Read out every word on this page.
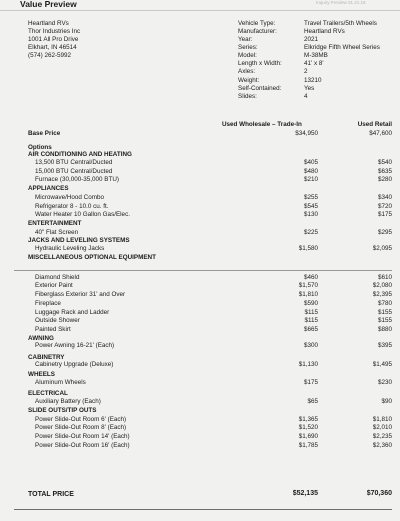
Value Preview	Inquiry Preview 01.21.18
Heartland RVs
Thor Industries Inc
1001 All Pro Drive
Elkhart, IN 46514
(574) 262-5992
Vehicle Type:	Travel Trailers/5th Wheels
Manufacturer:	Heartland RVs
Year:	2021
Series:	Elkridge Fifth Wheel Series
Model:	M-38MB
Length x Width:	41' x 8'
Axles:	2
Weight:	13210
Self-Contained:	Yes
Slides:	4
Used Wholesale – Trade-In	Used Retail
Base Price	$34,950	$47,600
Options
AIR CONDITIONING AND HEATING
13,500 BTU Central/Ducted	$405	$540
15,000 BTU Central/Ducted	$480	$635
Furnace (30,000-35,000 BTU)	$210	$280
APPLIANCES
Microwave/Hood Combo	$255	$340
Refrigerator 8 - 10.0 cu. ft.	$545	$720
Water Heater 10 Gallon Gas/Elec.	$130	$175
ENTERTAINMENT
40" Flat Screen	$225	$295
JACKS AND LEVELING SYSTEMS
Hydraulic Leveling Jacks	$1,580	$2,095
MISCELLANEOUS OPTIONAL EQUIPMENT
Diamond Shield	$460	$610
Exterior Paint	$1,570	$2,080
Fiberglass Exterior 31' and Over	$1,810	$2,395
Fireplace	$590	$780
Luggage Rack and Ladder	$115	$155
Outside Shower	$115	$155
Painted Skirt	$665	$880
AWNING
Power Awning 16-21' (Each)	$300	$395
CABINETRY
Cabinetry Upgrade (Deluxe)	$1,130	$1,495
WHEELS
Aluminum Wheels	$175	$230
ELECTRICAL
Auxiliary Battery (Each)	$65	$90
SLIDE OUTS/TIP OUTS
Power Slide-Out Room 6' (Each)	$1,365	$1,810
Power Slide-Out Room 8' (Each)	$1,520	$2,010
Power Slide-Out Room 14' (Each)	$1,690	$2,235
Power Slide-Out Room 16' (Each)	$1,785	$2,360
TOTAL PRICE	$52,135	$70,360
